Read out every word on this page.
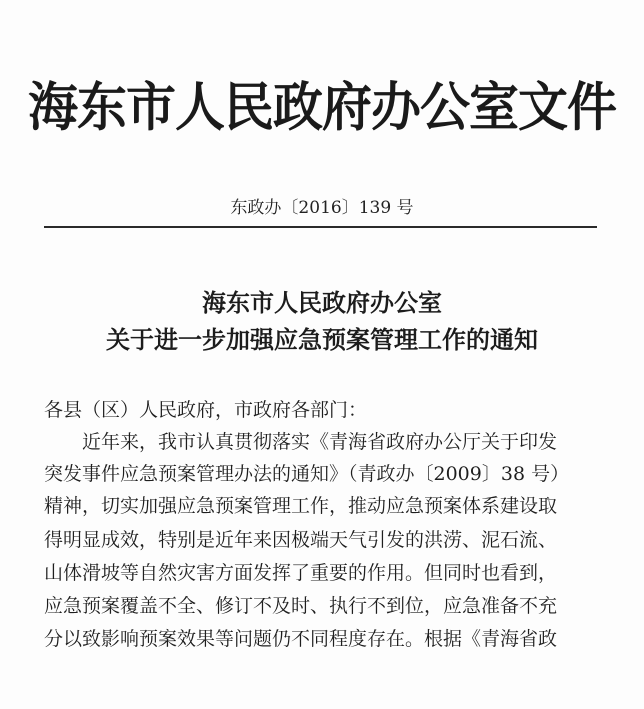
海东市人民政府办公室文件
东政办〔2016〕139 号
海东市人民政府办公室
关于进一步加强应急预案管理工作的通知
各县（区）人民政府，市政府各部门：
　　近年来，我市认真贯彻落实《青海省政府办公厅关于印发
突发事件应急预案管理办法的通知》（青政办〔2009〕38 号）
精神，切实加强应急预案管理工作，推动应急预案体系建设取
得明显成效，特别是近年来因极端天气引发的洪涝、泥石流、
山体滑坡等自然灾害方面发挥了重要的作用。但同时也看到，
应急预案覆盖不全、修订不及时、执行不到位，应急准备不充
分以致影响预案效果等问题仍不同程度存在。根据《青海省政
